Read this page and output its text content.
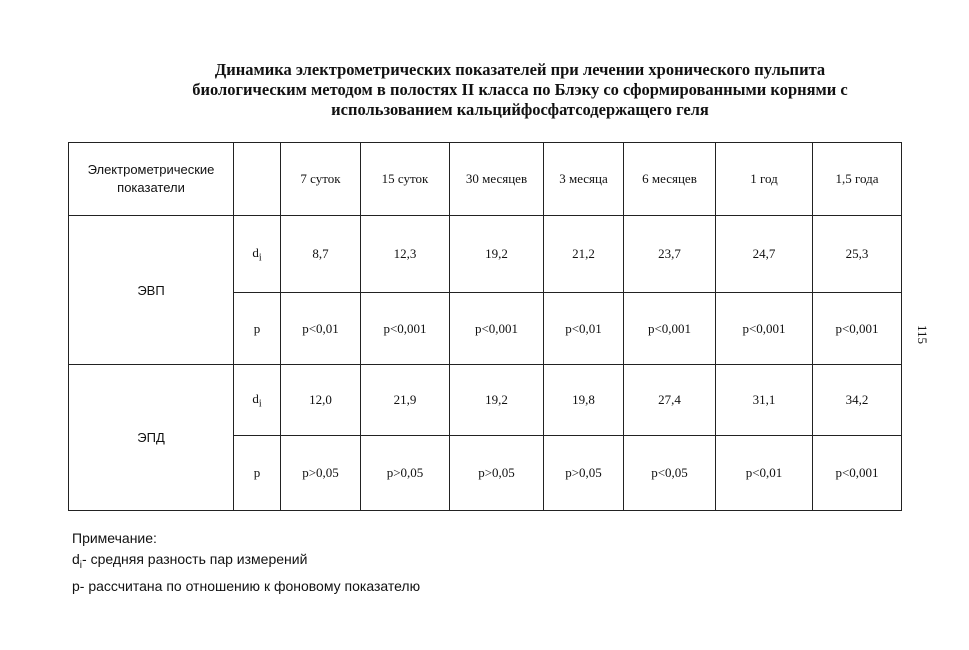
Динамика электрометрических показателей при лечении хронического пульпита
биологическим методом в полостях II класса по Блэку со сформированными корнями с
использованием кальцийфосфатсодержащего геля
Электрометрические показатели		7 суток	15 суток	30 месяцев	3 месяца	6 месяцев	1 год	1,5 года
ЭВП	$d_i$	8,7	12,3	19,2	21,2	23,7	24,7	25,3
	p	p<0,01	p<0,001	p<0,001	p<0,01	p<0,001	p<0,001	p<0,001
ЭПД	$d_i$	12,0	21,9	19,2	19,8	27,4	31,1	34,2
	p	p>0,05	p>0,05	p>0,05	p>0,05	p<0,05	p<0,01	p<0,001
115
Примечание:
$d_i-$ средняя разность пар измерений
p- рассчитана по отношению к фоновому показателю
